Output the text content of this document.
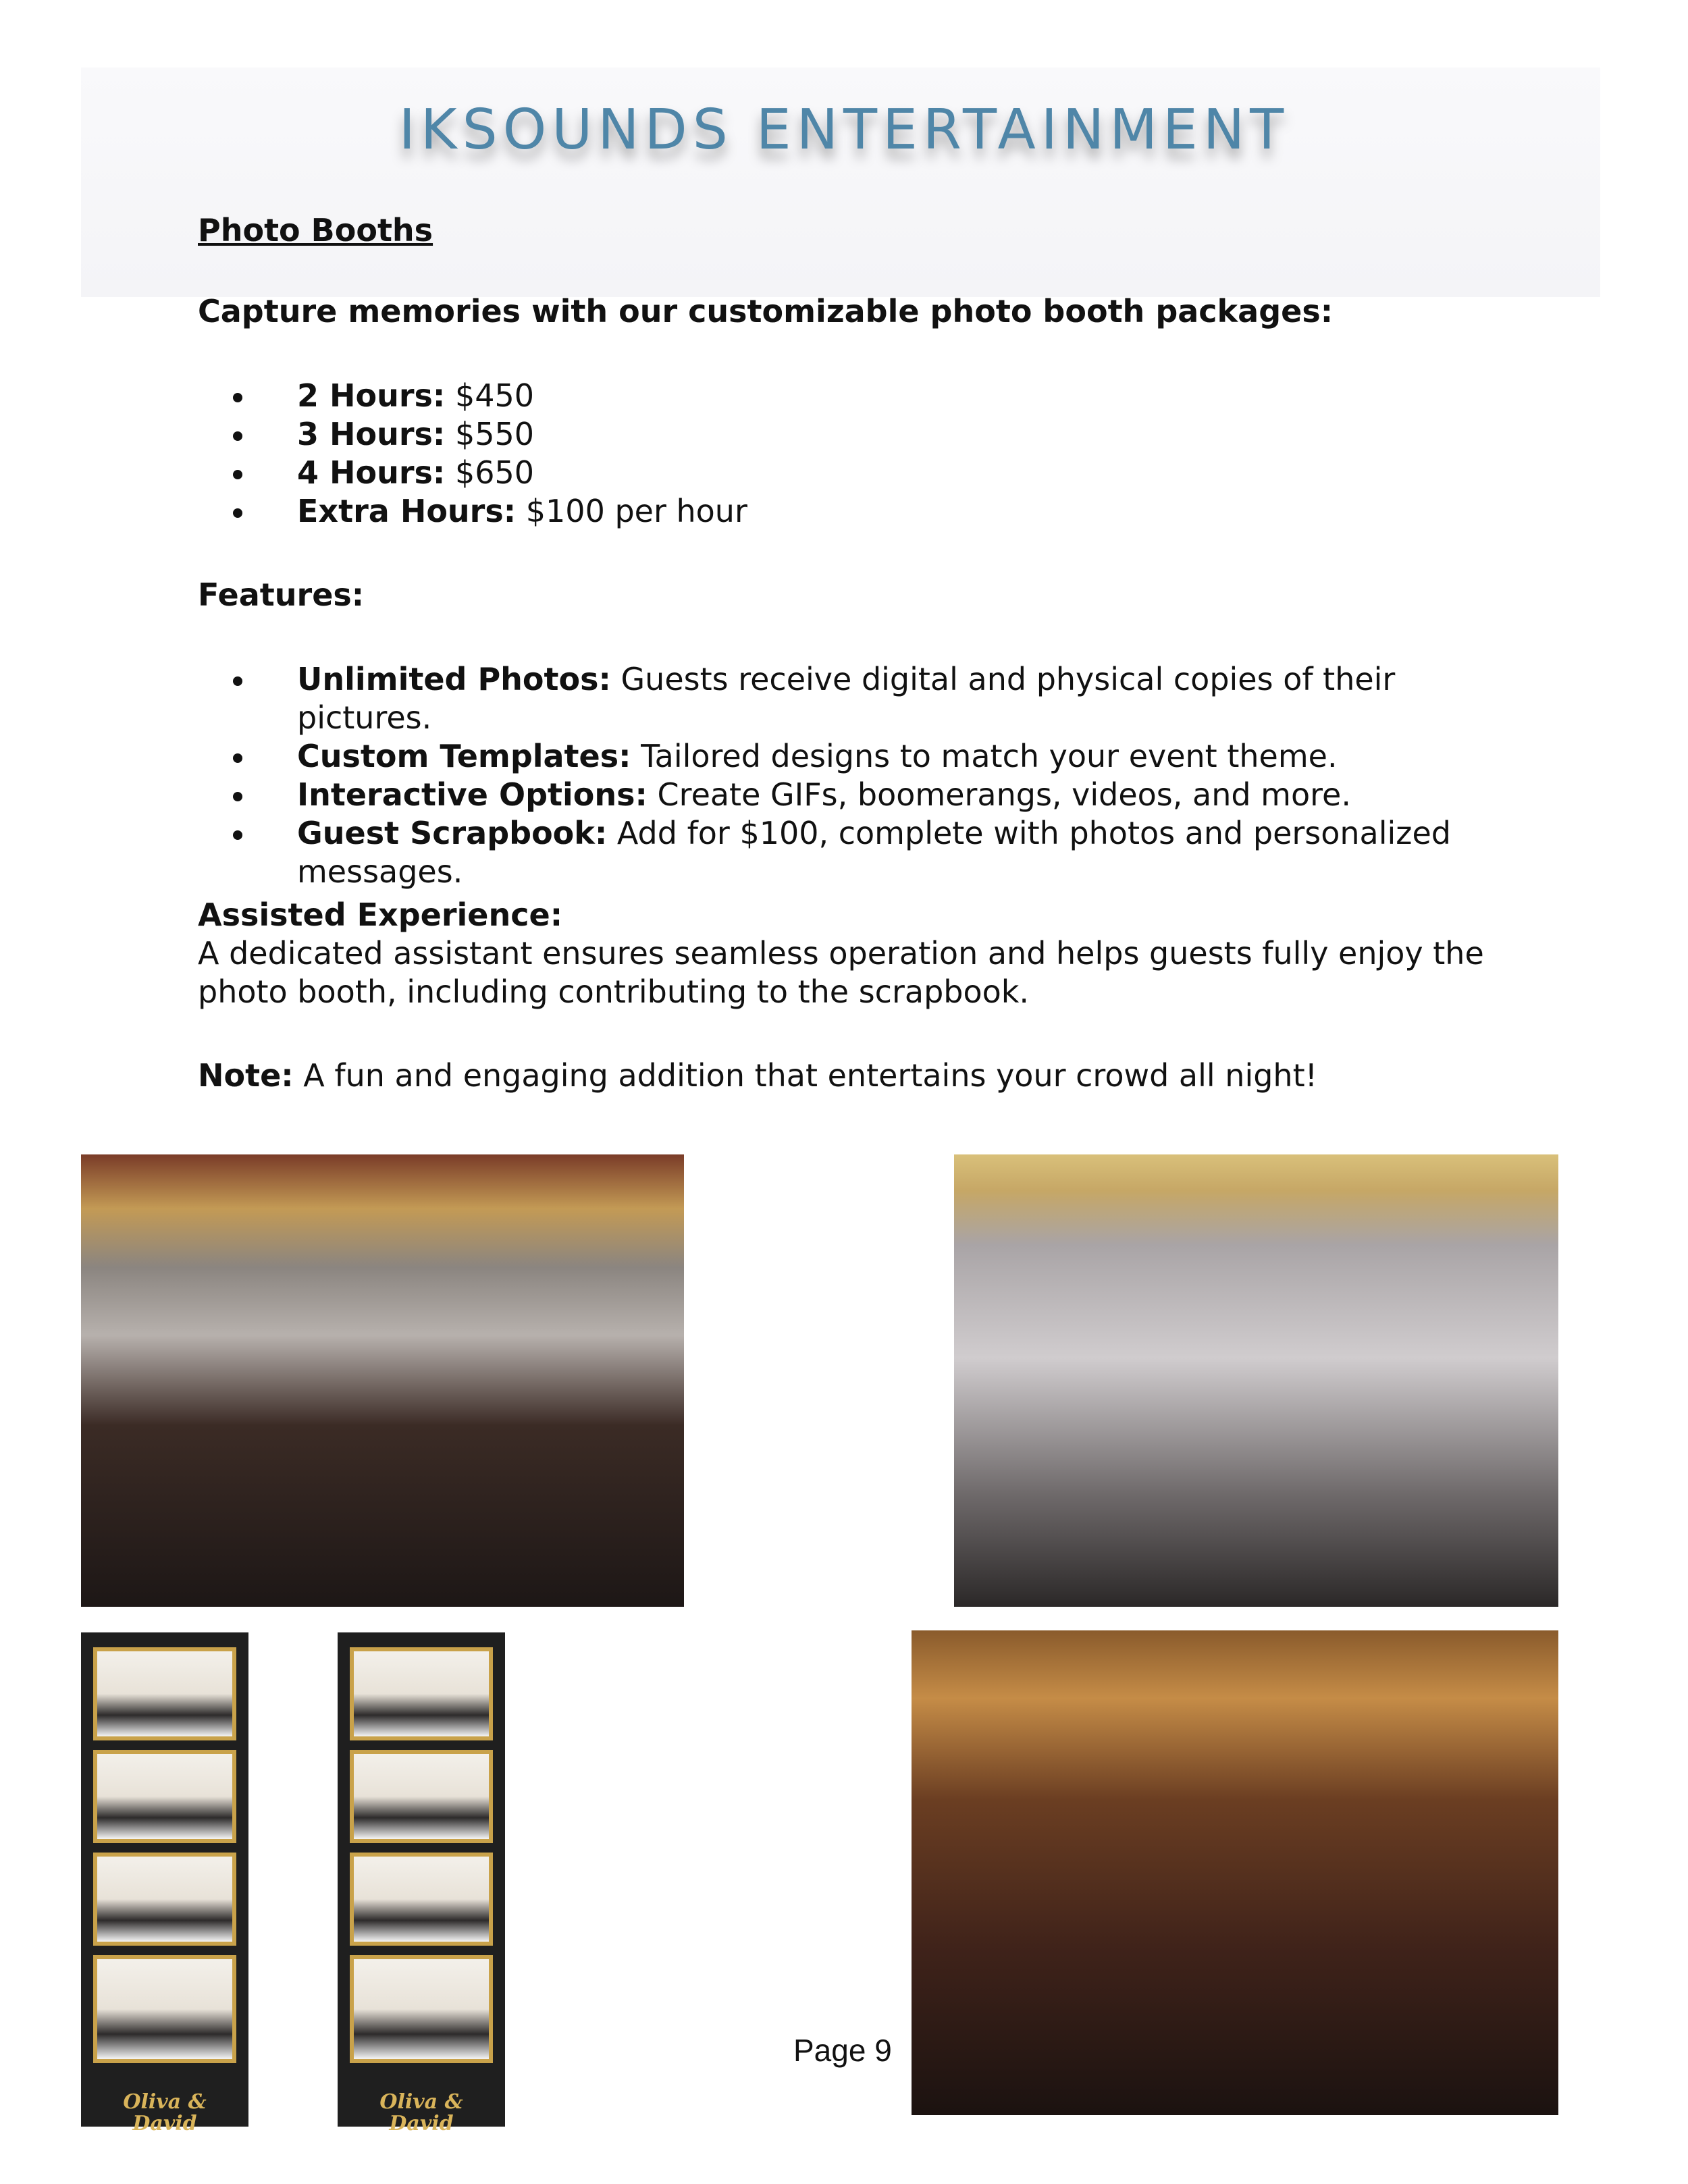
IKSOUNDS ENTERTAINMENT
Photo Booths
Capture memories with our customizable photo booth packages:
2 Hours: $450
3 Hours: $550
4 Hours: $650
Extra Hours: $100 per hour
Features:
Unlimited Photos: Guests receive digital and physical copies of their pictures.
Custom Templates: Tailored designs to match your event theme.
Interactive Options: Create GIFs, boomerangs, videos, and more.
Guest Scrapbook: Add for $100, complete with photos and personalized messages.
Assisted Experience:
A dedicated assistant ensures seamless operation and helps guests fully enjoy the photo booth, including contributing to the scrapbook.
Note: A fun and engaging addition that entertains your crowd all night!
Oliva & David
Oliva & David
Page 9
